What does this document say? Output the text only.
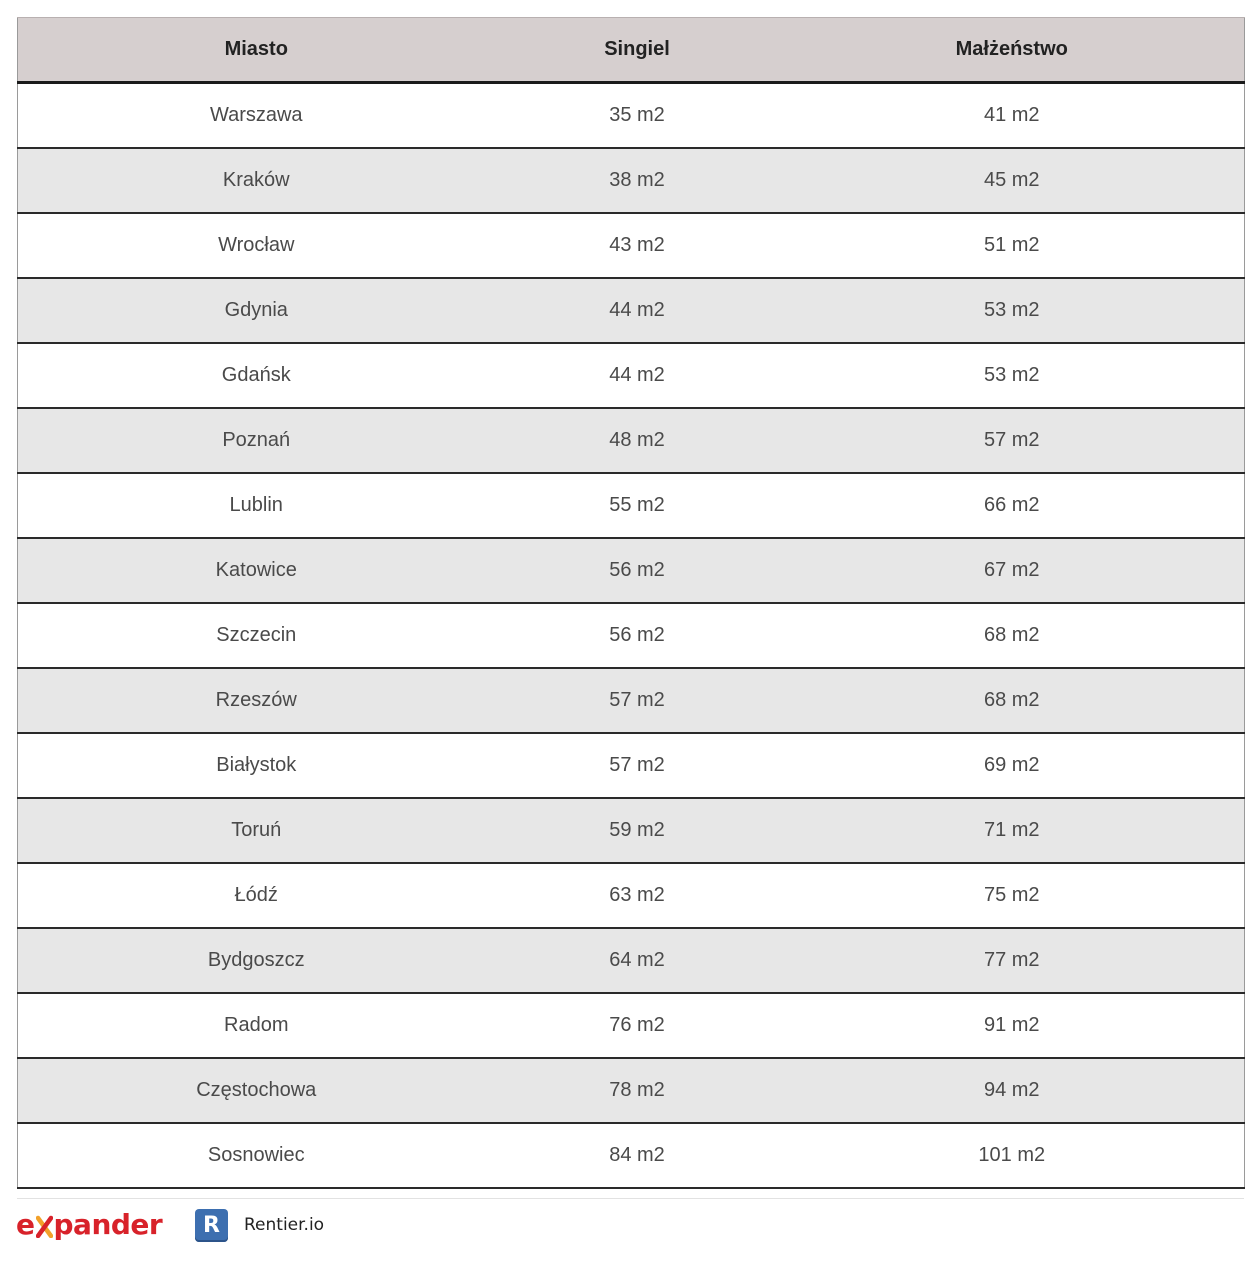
Miasto	Singiel	Małżeństwo
Warszawa	35 m2	41 m2
Kraków	38 m2	45 m2
Wrocław	43 m2	51 m2
Gdynia	44 m2	53 m2
Gdańsk	44 m2	53 m2
Poznań	48 m2	57 m2
Lublin	55 m2	66 m2
Katowice	56 m2	67 m2
Szczecin	56 m2	68 m2
Rzeszów	57 m2	68 m2
Białystok	57 m2	69 m2
Toruń	59 m2	71 m2
Łódź	63 m2	75 m2
Bydgoszcz	64 m2	77 m2
Radom	76 m2	91 m2
Częstochowa	78 m2	94 m2
Sosnowiec	84 m2	101 m2
e pander	R	Rentier.io
